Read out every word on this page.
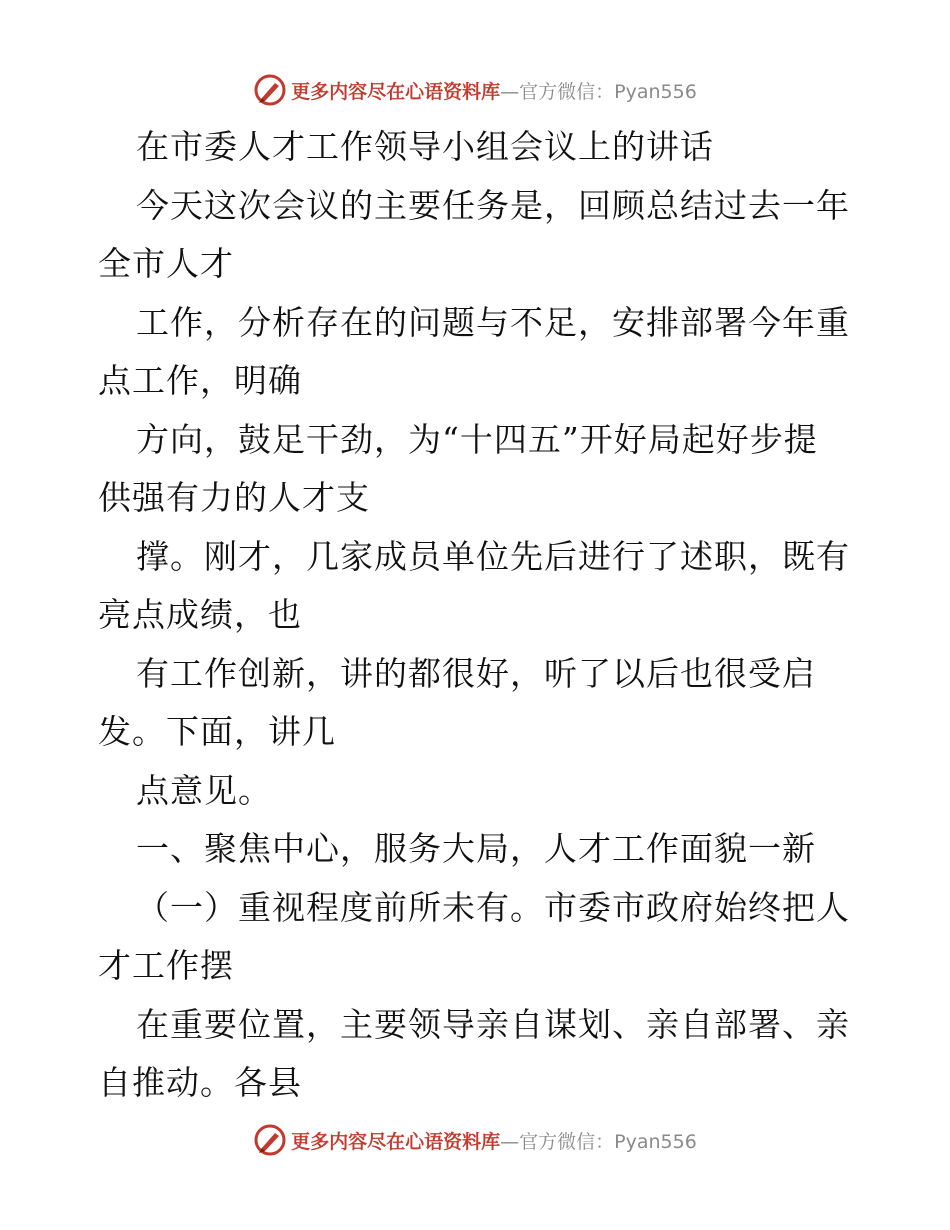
更多内容尽在心语资料库 —官方微信：Pyan556
在市委人才工作领导小组会议上的讲话
今天这次会议的主要任务是，回顾总结过去一年
全市人才
工作，分析存在的问题与不足，安排部署今年重
点工作，明确
方向，鼓足干劲，为“十四五”开好局起好步提
供强有力的人才支
撑。刚才，几家成员单位先后进行了述职，既有
亮点成绩，也
有工作创新，讲的都很好，听了以后也很受启
发。下面，讲几
点意见。
一、聚焦中心，服务大局，人才工作面貌一新
（一）重视程度前所未有。市委市政府始终把人
才工作摆
在重要位置，主要领导亲自谋划、亲自部署、亲
自推动。各县
更多内容尽在心语资料库 —官方微信：Pyan556
